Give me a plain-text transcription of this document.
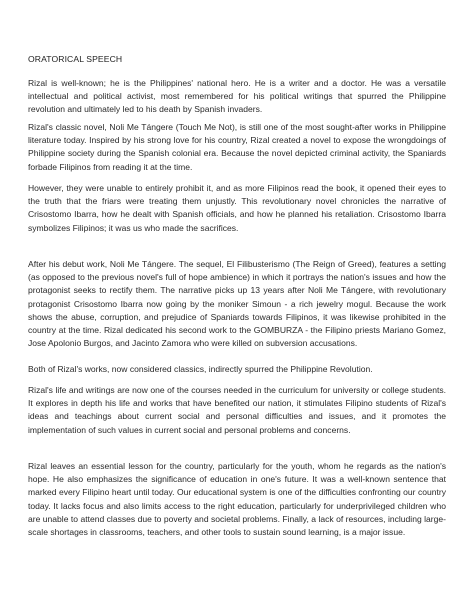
ORATORICAL SPEECH

Rizal is well-known; he is the Philippines' national hero. He is a writer and a doctor. He was a versatile intellectual and political activist, most remembered for his political writings that spurred the Philippine revolution and ultimately led to his death by Spanish invaders.

Rizal's classic novel, Noli Me Tángere (Touch Me Not), is still one of the most sought-after works in Philippine literature today. Inspired by his strong love for his country, Rizal created a novel to expose the wrongdoings of Philippine society during the Spanish colonial era. Because the novel depicted criminal activity, the Spaniards forbade Filipinos from reading it at the time.

However, they were unable to entirely prohibit it, and as more Filipinos read the book, it opened their eyes to the truth that the friars were treating them unjustly. This revolutionary novel chronicles the narrative of Crisostomo Ibarra, how he dealt with Spanish officials, and how he planned his retaliation. Crisostomo Ibarra symbolizes Filipinos; it was us who made the sacrifices.

After his debut work, Noli Me Tángere. The sequel, El Filibusterismo (The Reign of Greed), features a setting (as opposed to the previous novel's full of hope ambience) in which it portrays the nation's issues and how the protagonist seeks to rectify them. The narrative picks up 13 years after Noli Me Tángere, with revolutionary protagonist Crisostomo Ibarra now going by the moniker Simoun - a rich jewelry mogul. Because the work shows the abuse, corruption, and prejudice of Spaniards towards Filipinos, it was likewise prohibited in the country at the time. Rizal dedicated his second work to the GOMBURZA - the Filipino priests Mariano Gomez, Jose Apolonio Burgos, and Jacinto Zamora who were killed on subversion accusations.

Both of Rizal's works, now considered classics, indirectly spurred the Philippine Revolution.

Rizal's life and writings are now one of the courses needed in the curriculum for university or college students. It explores in depth his life and works that have benefited our nation, it stimulates Filipino students of Rizal's ideas and teachings about current social and personal difficulties and issues, and it promotes the implementation of such values in current social and personal problems and concerns.

Rizal leaves an essential lesson for the country, particularly for the youth, whom he regards as the nation's hope. He also emphasizes the significance of education in one's future. It was a well-known sentence that marked every Filipino heart until today. Our educational system is one of the difficulties confronting our country today. It lacks focus and also limits access to the right education, particularly for underprivileged children who are unable to attend classes due to poverty and societal problems. Finally, a lack of resources, including large-scale shortages in classrooms, teachers, and other tools to sustain sound learning, is a major issue.
